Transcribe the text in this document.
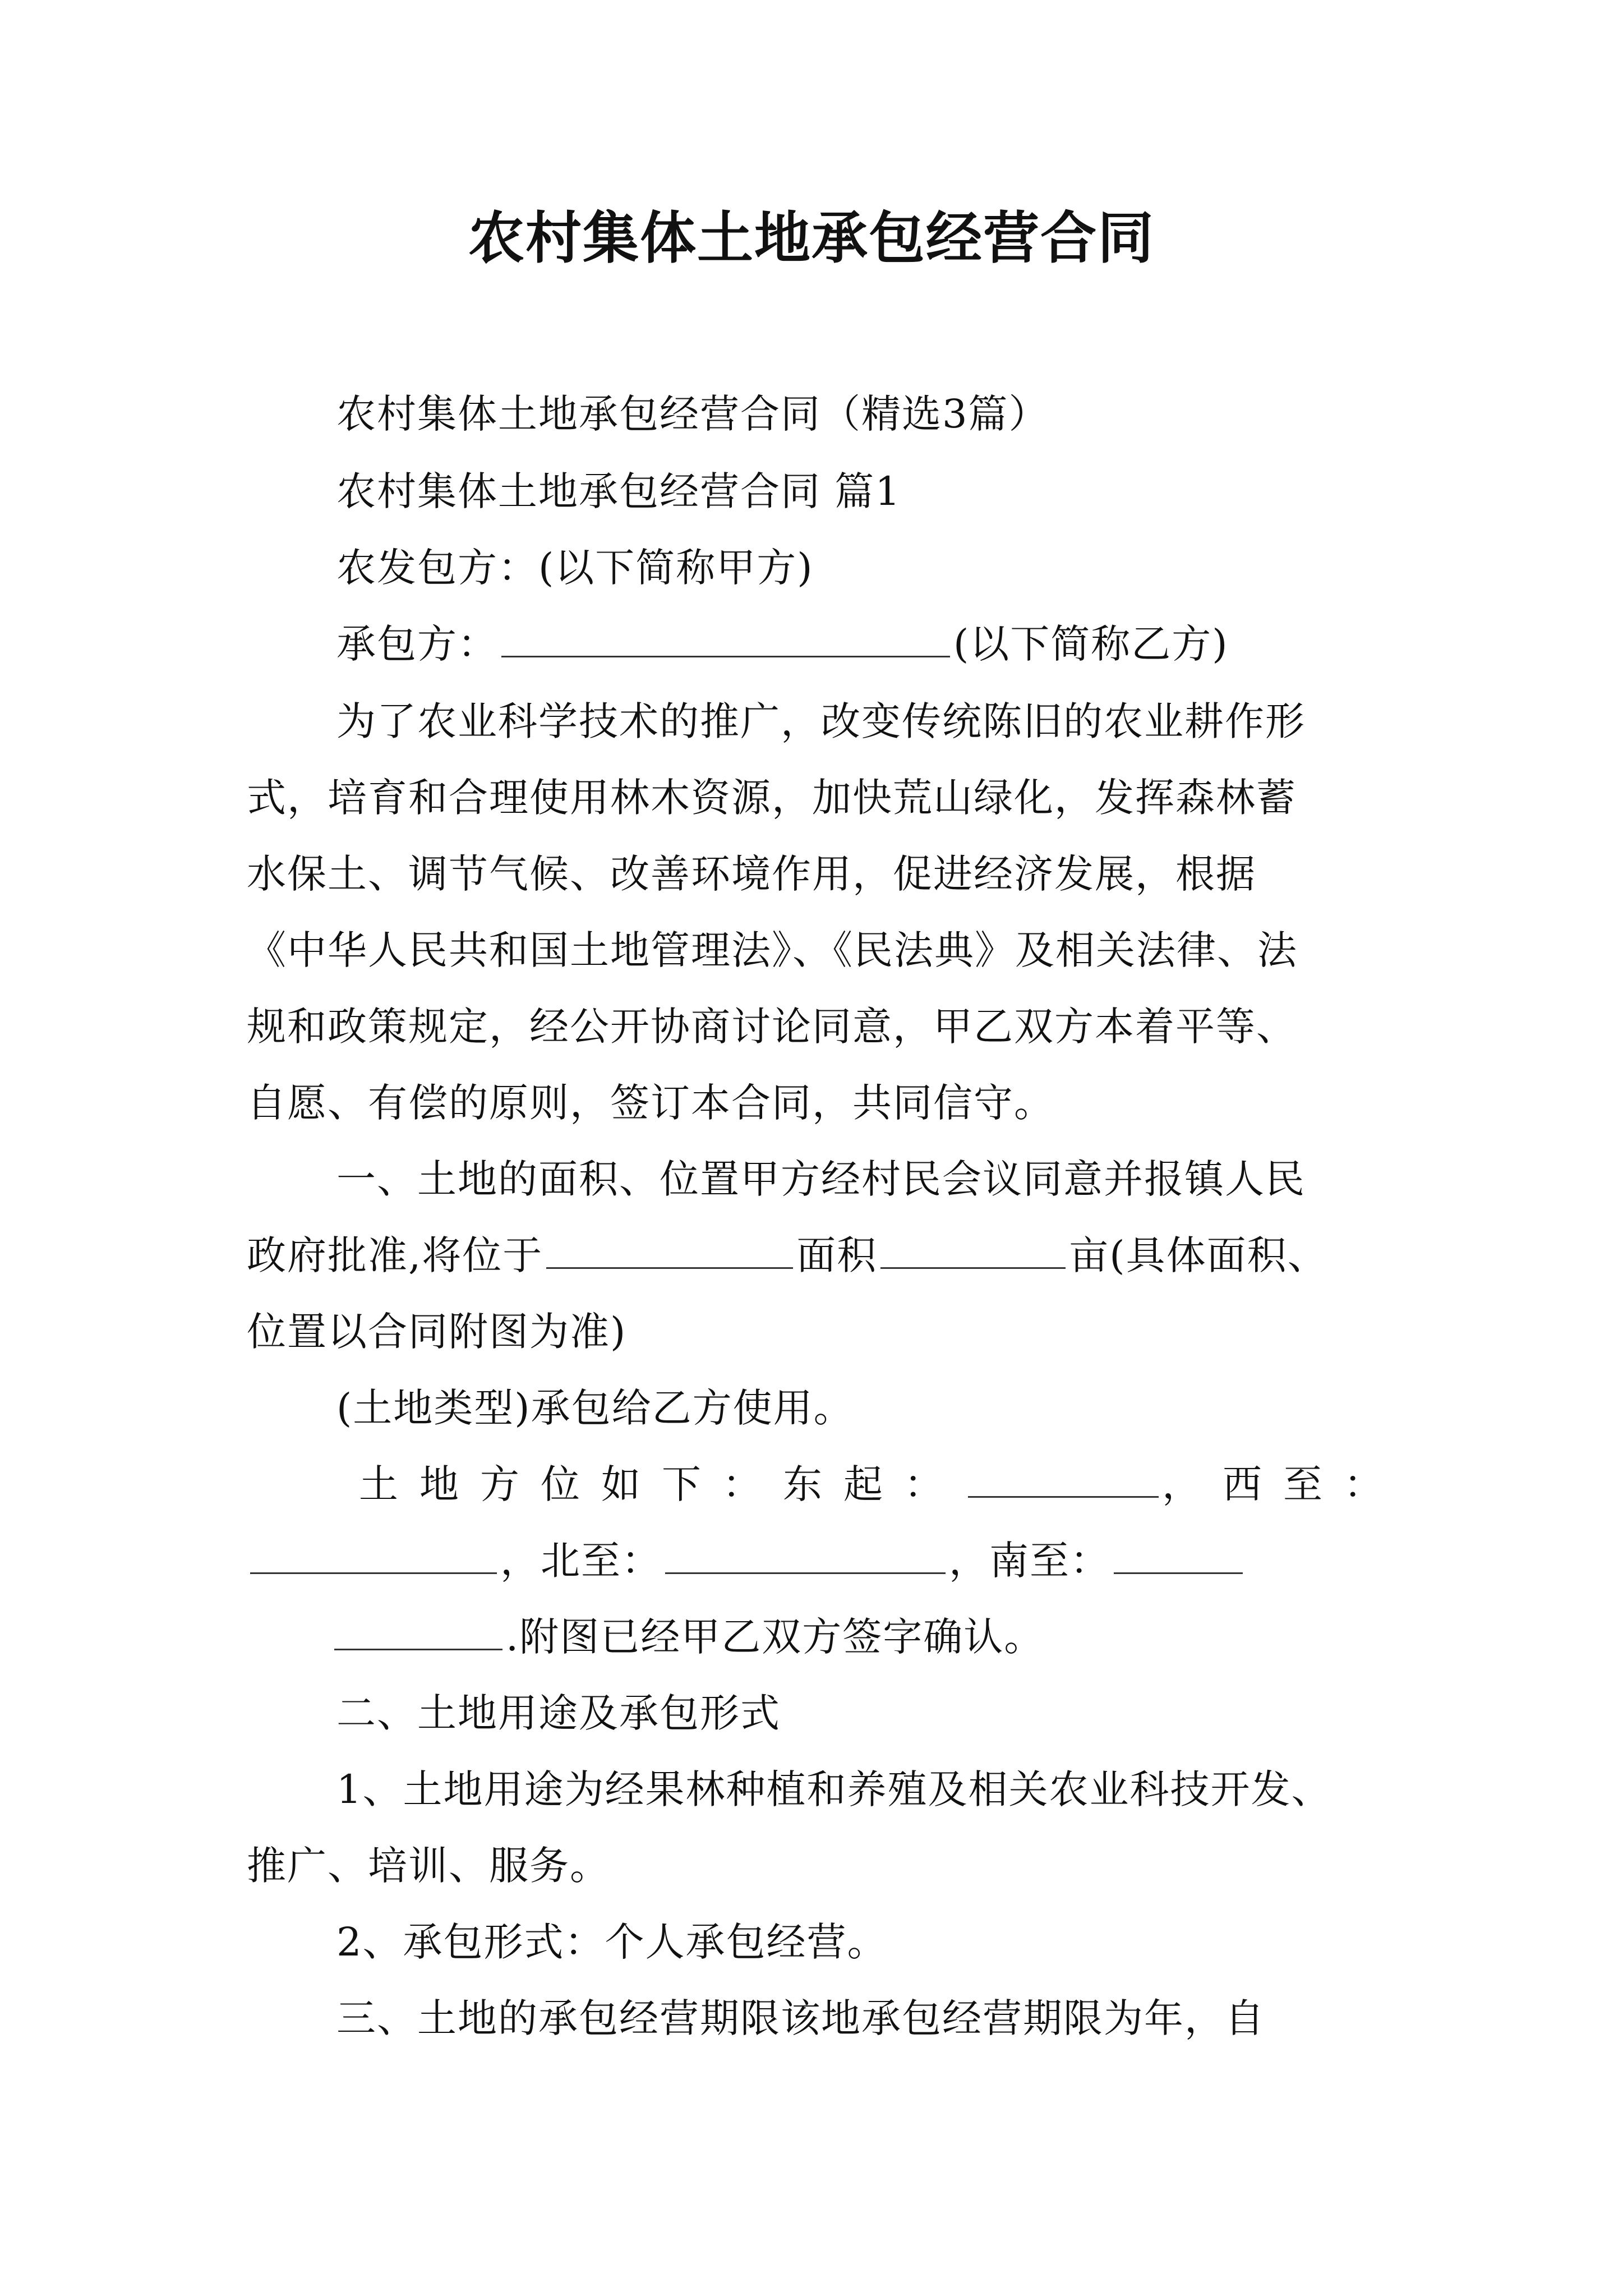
农村集体土地承包经营合同
农村集体土地承包经营合同（精选3篇）
农村集体土地承包经营合同 篇1
农发包方：(以下简称甲方)
承包方：	(以下简称乙方)
为了农业科学技术的推广，改变传统陈旧的农业耕作形
式，培育和合理使用林木资源，加快荒山绿化，发挥森林蓄
水保土、调节气候、改善环境作用，促进经济发展，根据
《中华人民共和国土地管理法》、《民法典》及相关法律、法
规和政策规定，经公开协商讨论同意，甲乙双方本着平等、
自愿、有偿的原则，签订本合同，共同信守。
一、土地的面积、位置甲方经村民会议同意并报镇人民
政府批准,将位于	面积	亩(具体面积、
位置以合同附图为准)
(土地类型)承包给乙方使用。
土地方位如下：东起：	，西至：
，北至：	，南至：
.附图已经甲乙双方签字确认。
二、土地用途及承包形式
1、土地用途为经果林种植和养殖及相关农业科技开发、
推广、培训、服务。
2、承包形式：个人承包经营。
三、土地的承包经营期限该地承包经营期限为年，自
